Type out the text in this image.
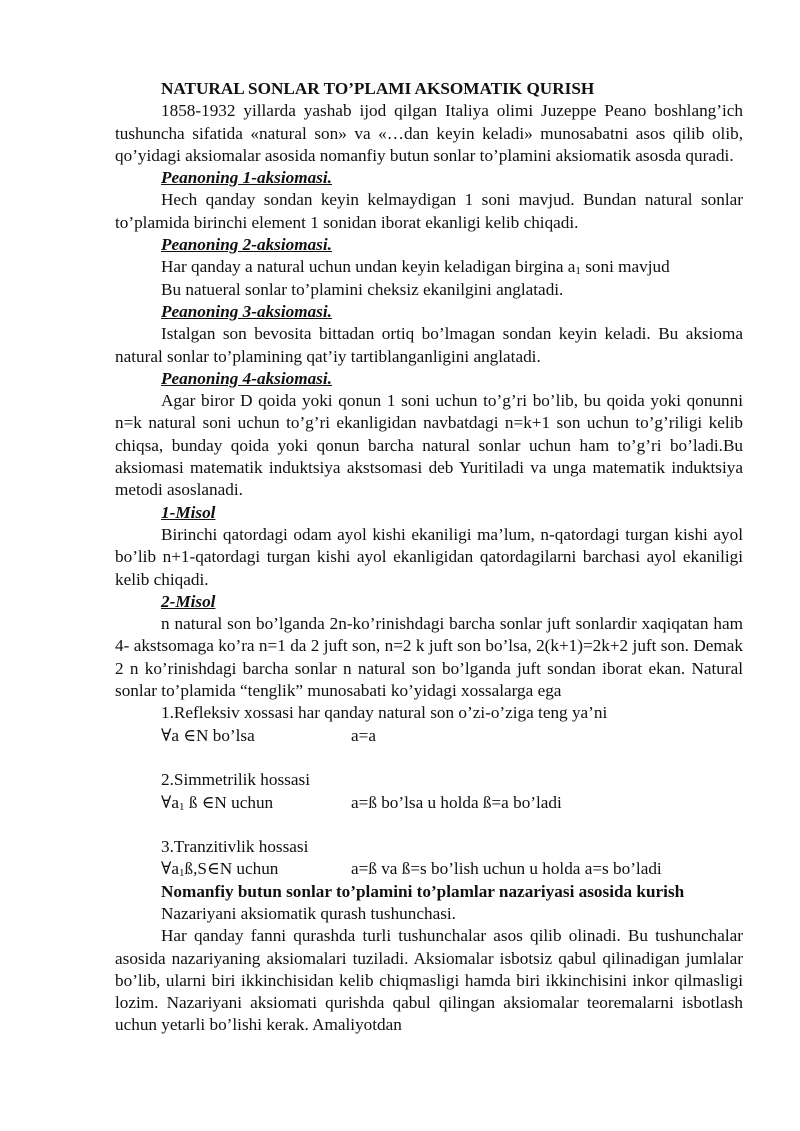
NATURAL SONLAR TO’PLAMI AKSOMATIK QURISH

1858-1932 yillarda yashab ijod qilgan Italiya olimi Juzeppe Peano boshlang’ich tushuncha sifatida «natural son» va «…dan keyin keladi» munosabatni asos qilib olib, qo’yidagi aksiomalar asosida nomanfiy butun sonlar to’plamini aksiomatik asosda quradi.

Peanoning 1-aksiomasi.

Hech qanday sondan keyin kelmaydigan 1 soni mavjud. Bundan natural sonlar to’plamida birinchi element 1 sonidan iborat ekanligi kelib chiqadi.

Peanoning 2-aksiomasi.

Har qanday a natural uchun undan keyin keladigan birgina $a_1$ soni mavjud

Bu natueral sonlar to’plamini cheksiz ekanilgini anglatadi.

Peanoning 3-aksiomasi.

Istalgan son bevosita bittadan ortiq bo’lmagan sondan keyin keladi. Bu aksioma natural sonlar to’plamining qat’iy tartiblanganligini anglatadi.

Peanoning 4-aksiomasi.

Agar biror D qoida yoki qonun 1 soni uchun to’g’ri bo’lib, bu qoida yoki qonunni n=k natural soni uchun to’g’ri ekanligidan navbatdagi n=k+1 son uchun to’g’riligi kelib chiqsa, bunday qoida yoki qonun barcha natural sonlar uchun ham to’g’ri bo’ladi.Bu aksiomasi matematik induktsiya akstsomasi deb Yuritiladi va unga matematik induktsiya metodi asoslanadi.

1-Misol

Birinchi qatordagi odam ayol kishi ekaniligi ma’lum, n-qatordagi turgan kishi ayol bo’lib n+1-qatordagi turgan kishi ayol ekanligidan qatordagilarni barchasi ayol ekaniligi kelib chiqadi.

2-Misol

n natural son bo’lganda 2n-ko’rinishdagi barcha sonlar juft sonlardir xaqiqatan ham 4- akstsomaga ko’ra n=1 da 2 juft son, n=2 k juft son bo’lsa, 2(k+1)=2k+2 juft son. Demak 2 n ko’rinishdagi barcha sonlar n natural son bo’lganda juft sondan iborat ekan. Natural sonlar to’plamida “tenglik” munosabati ko’yidagi xossalarga ega

1.Refleksiv xossasi har qanday natural son o’zi-o’ziga teng ya’ni

∀a ∈N bo’lsa	a=a

2.Simmetrilik hossasi

$\forall a_1$ ß ∈N uchun	a=ß bo’lsa u holda ß=a bo’ladi

3.Tranzitivlik hossasi

$\forall a_1ß,S\in N$ uchun	a=ß va ß=s bo’lish uchun u holda a=s bo’ladi

Nomanfiy butun sonlar to’plamini to’plamlar nazariyasi asosida kurish

Nazariyani aksiomatik qurash tushunchasi.

Har qanday fanni qurashda turli tushunchalar asos qilib olinadi. Bu tushunchalar asosida nazariyaning aksiomalari tuziladi. Aksiomalar isbotsiz qabul qilinadigan jumlalar bo’lib, ularni biri ikkinchisidan kelib chiqmasligi hamda biri ikkinchisini inkor qilmasligi lozim. Nazariyani aksiomati qurishda qabul qilingan aksiomalar teoremalarni isbotlash uchun yetarli bo’lishi kerak. Amaliyotdan
